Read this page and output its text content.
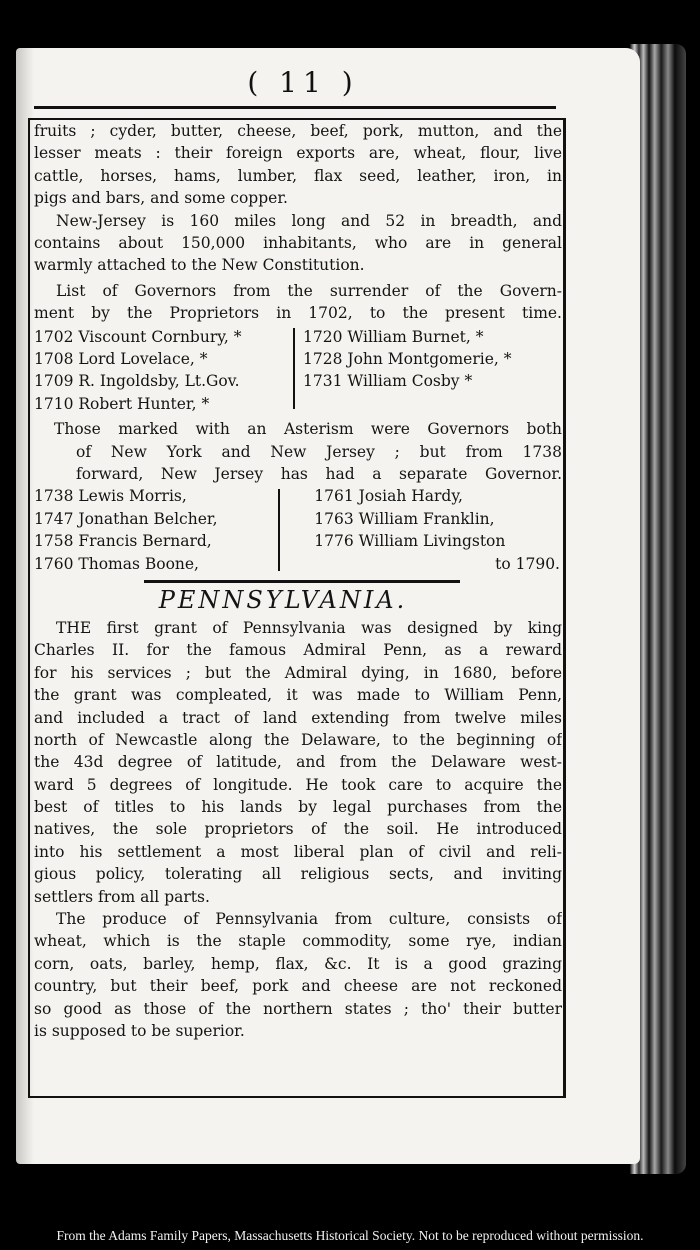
( 11 )
fruits ; cyder, butter, cheese, beef, pork, mutton, and the
lesser meats : their foreign exports are, wheat, flour, live
cattle, horses, hams, lumber, flax seed, leather, iron, in
pigs and bars, and some copper.
New-Jersey is 160 miles long and 52 in breadth, and
contains about 150,000 inhabitants, who are in general
warmly attached to the New Constitution.
List of Governors from the surrender of the Govern-
ment by the Proprietors in 1702, to the present time.
1702 Viscount Cornbury, *
1708 Lord Lovelace, *
1709 R. Ingoldsby, Lt.Gov.
1710 Robert Hunter, *
1720 William Burnet, *
1728 John Montgomerie, *
1731 William Cosby *
Those marked with an Asterism were Governors both
of New York and New Jersey ; but from 1738
forward, New Jersey has had a separate Governor.
1738 Lewis Morris,
1747 Jonathan Belcher,
1758 Francis Bernard,
1760 Thomas Boone,
1761 Josiah Hardy,
1763 William Franklin,
1776 William Livingston
to 1790.
PENNSYLVANIA.
THE first grant of Pennsylvania was designed by king
Charles II. for the famous Admiral Penn, as a reward
for his services ; but the Admiral dying, in 1680, before
the grant was compleated, it was made to William Penn,
and included a tract of land extending from twelve miles
north of Newcastle along the Delaware, to the beginning of
the 43d degree of latitude, and from the Delaware west-
ward 5 degrees of longitude. He took care to acquire the
best of titles to his lands by legal purchases from the
natives, the sole proprietors of the soil. He introduced
into his settlement a most liberal plan of civil and reli-
gious policy, tolerating all religious sects, and inviting
settlers from all parts.
The produce of Pennsylvania from culture, consists of
wheat, which is the staple commodity, some rye, indian
corn, oats, barley, hemp, flax, &c. It is a good grazing
country, but their beef, pork and cheese are not reckoned
so good as those of the northern states ; tho' their butter
is supposed to be superior.
From the Adams Family Papers, Massachusetts Historical Society. Not to be reproduced without permission.
